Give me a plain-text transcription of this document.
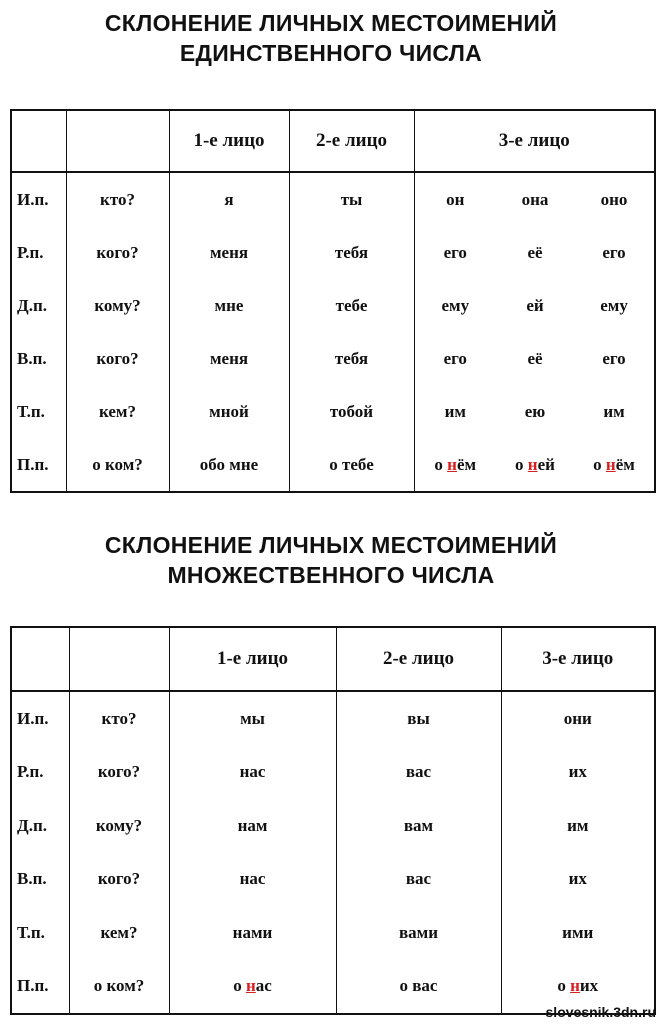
СКЛОНЕНИЕ ЛИЧНЫХ МЕСТОИМЕНИЙ
ЕДИНСТВЕННОГО ЧИСЛА
		1-е лицо	2-е лицо	3-е лицо		
И.п.	кто?	я	ты	он	она	оно
Р.п.	кого?	меня	тебя	его	её	его
Д.п.	кому?	мне	тебе	ему	ей	ему
В.п.	кого?	меня	тебя	его	её	его
Т.п.	кем?	мной	тобой	им	ею	им
П.п.	о ком?	обо мне	о тебе	о нём	о ней	о нём
СКЛОНЕНИЕ ЛИЧНЫХ МЕСТОИМЕНИЙ
МНОЖЕСТВЕННОГО ЧИСЛА
		1-е лицо	2-е лицо	3-е лицо
И.п.	кто?	мы	вы	они
Р.п.	кого?	нас	вас	их
Д.п.	кому?	нам	вам	им
В.п.	кого?	нас	вас	их
Т.п.	кем?	нами	вами	ими
П.п.	о ком?	о нас	о вас	о них
slovesnik.3dn.ru
